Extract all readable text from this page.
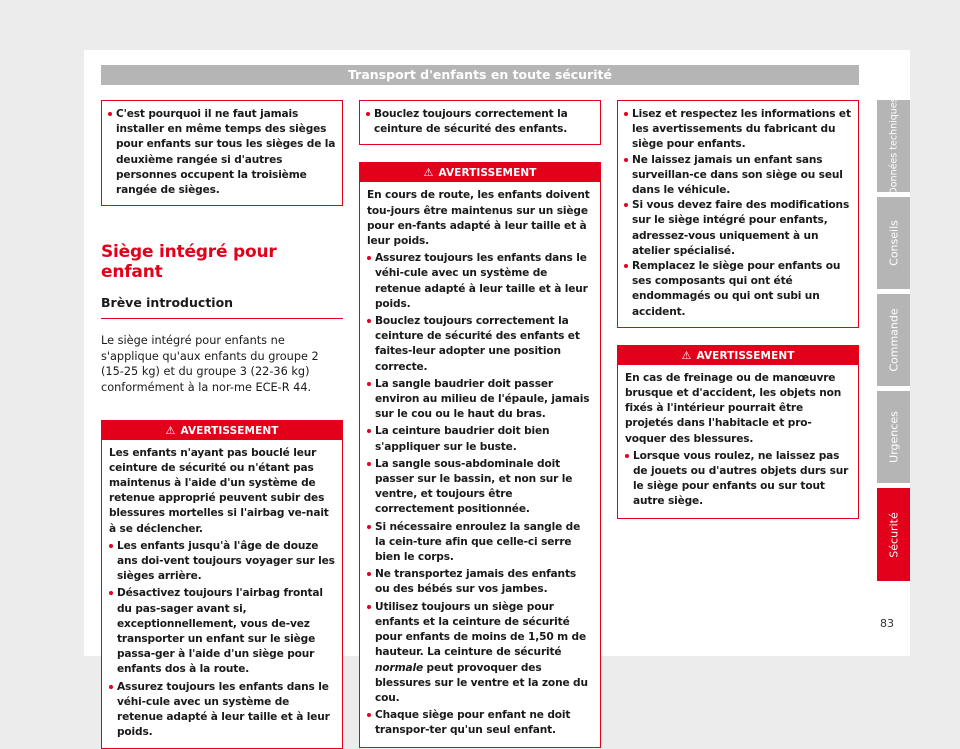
Transport d'enfants en toute sécurité
C'est pourquoi il ne faut jamais installer en même temps des sièges pour enfants sur tous les sièges de la deuxième rangée si d'autres personnes occupent la troisième rangée de sièges.
Siège intégré pour enfant
Brève introduction
Le siège intégré pour enfants ne s'applique qu'aux enfants du groupe 2 (15-25 kg) et du groupe 3 (22-36 kg) conformément à la nor-me ECE-R 44.
⚠ AVERTISSEMENT

Les enfants n'ayant pas bouclé leur ceinture de sécurité ou n'étant pas maintenus à l'aide d'un système de retenue approprié peuvent subir des blessures mortelles si l'airbag ve-nait à se déclencher.

Les enfants jusqu'à l'âge de douze ans doi-vent toujours voyager sur les sièges arrière.
Désactivez toujours l'airbag frontal du pas-sager avant si, exceptionnellement, vous de-vez transporter un enfant sur le siège passa-ger à l'aide d'un siège pour enfants dos à la route.
Assurez toujours les enfants dans le véhi-cule avec un système de retenue adapté à leur taille et à leur poids.
Bouclez toujours correctement la ceinture de sécurité des enfants.
⚠ AVERTISSEMENT

En cours de route, les enfants doivent tou-jours être maintenus sur un siège pour en-fants adapté à leur taille et à leur poids.

Assurez toujours les enfants dans le véhi-cule avec un système de retenue adapté à leur taille et à leur poids.
Bouclez toujours correctement la ceinture de sécurité des enfants et faites-leur adopter une position correcte.
La sangle baudrier doit passer environ au milieu de l'épaule, jamais sur le cou ou le haut du bras.
La ceinture baudrier doit bien s'appliquer sur le buste.
La sangle sous-abdominale doit passer sur le bassin, et non sur le ventre, et toujours être correctement positionnée.
Si nécessaire enroulez la sangle de la cein-ture afin que celle-ci serre bien le corps.
Ne transportez jamais des enfants ou des bébés sur vos jambes.
Utilisez toujours un siège pour enfants et la ceinture de sécurité pour enfants de moins de 1,50 m de hauteur. La ceinture de sécurité normale peut provoquer des blessures sur le ventre et la zone du cou.
Chaque siège pour enfant ne doit transpor-ter qu'un seul enfant.
Lisez et respectez les informations et les avertissements du fabricant du siège pour enfants.
Ne laissez jamais un enfant sans surveillan-ce dans son siège ou seul dans le véhicule.
Si vous devez faire des modifications sur le siège intégré pour enfants, adressez-vous uniquement à un atelier spécialisé.
Remplacez le siège pour enfants ou ses composants qui ont été endommagés ou qui ont subi un accident.
⚠ AVERTISSEMENT

En cas de freinage ou de manœuvre brusque et d'accident, les objets non fixés à l'intérieur pourrait être projetés dans l'habitacle et pro-voquer des blessures.

Lorsque vous roulez, ne laissez pas de jouets ou d'autres objets durs sur le siège pour enfants ou sur tout autre siège.
Données techniques
Conseils
Commande
Urgences
Sécurité
83
